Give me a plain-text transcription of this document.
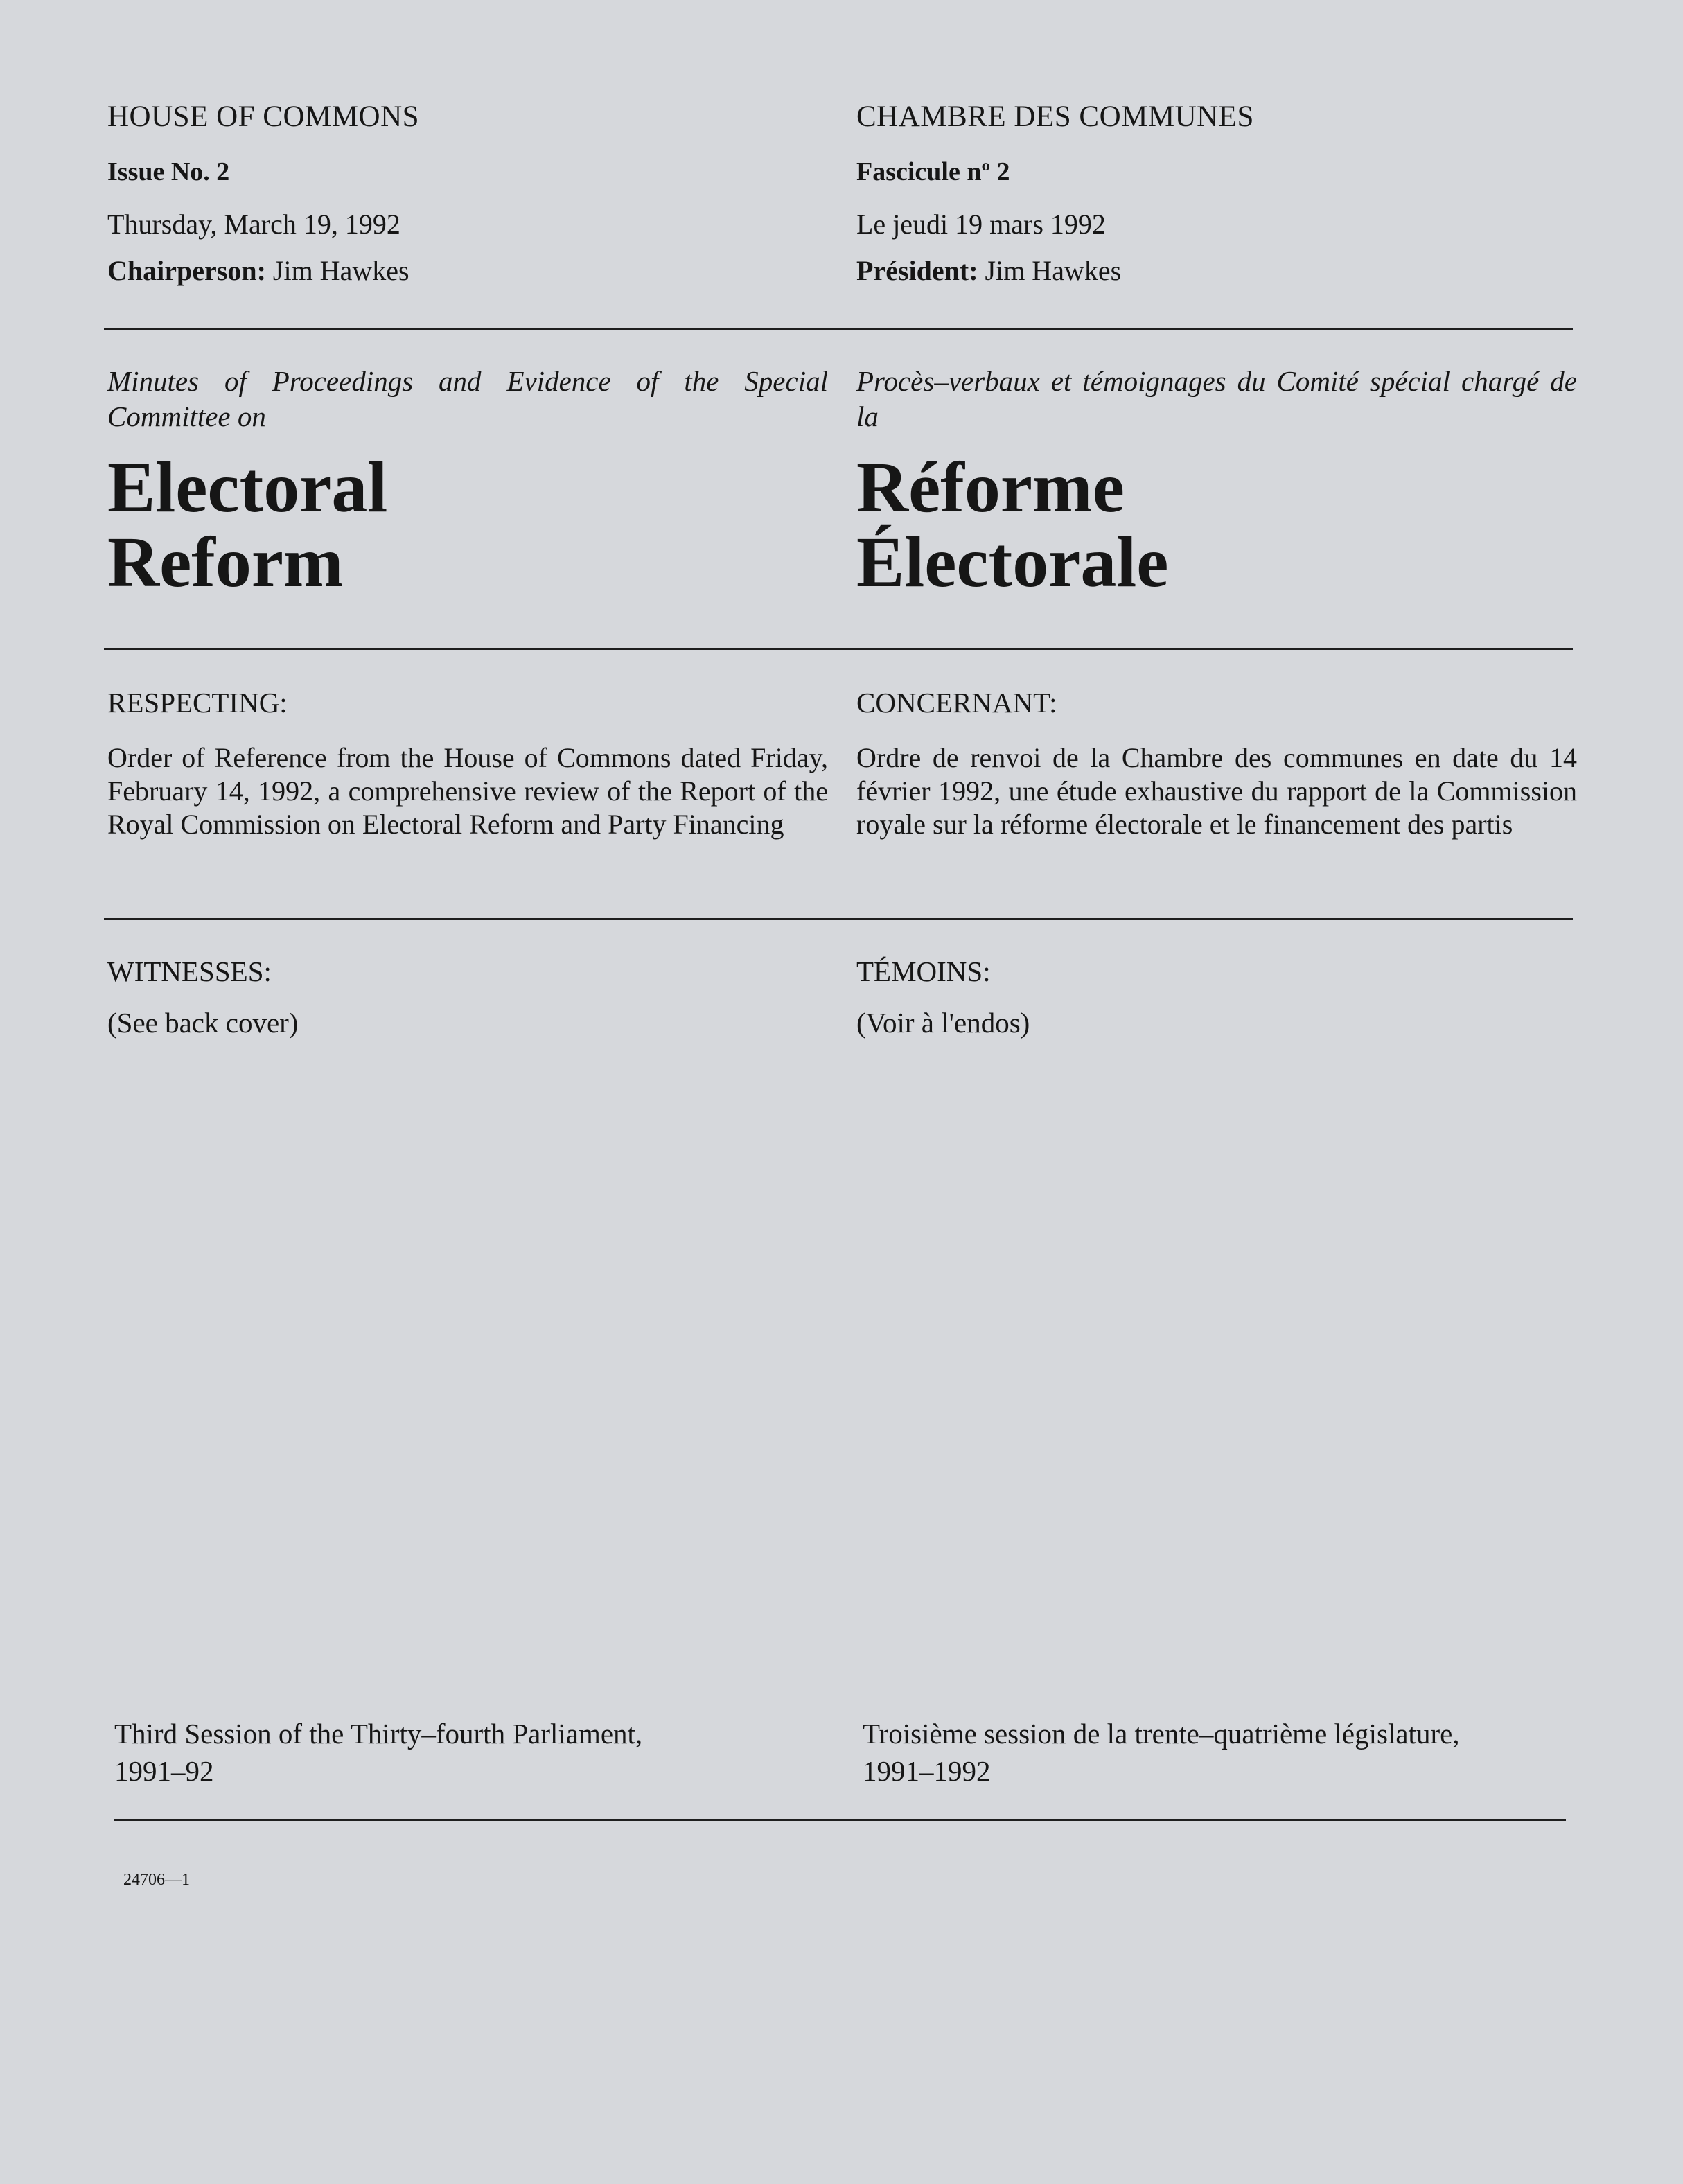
HOUSE OF COMMONS
Issue No. 2
Thursday, March 19, 1992
Chairperson: Jim Hawkes
CHAMBRE DES COMMUNES
Fascicule nº 2
Le jeudi 19 mars 1992
Président: Jim Hawkes
Minutes of Proceedings and Evidence of the Special Committee on
Procès–verbaux et témoignages du Comité spécial chargé de la
Electoral
Reform
Réforme
Électorale
RESPECTING:	CONCERNANT:
Order of Reference from the House of Commons dated Friday, February 14, 1992, a comprehensive review of the Report of the Royal Commission on Electoral Reform and Party Financing
Ordre de renvoi de la Chambre des communes en date du 14 février 1992, une étude exhaustive du rapport de la Commission royale sur la réforme électorale et le financement des partis
WITNESSES:	TÉMOINS:
(See back cover)	(Voir à l'endos)
Third Session of the Thirty–fourth Parliament,
1991–92
Troisième session de la trente–quatrième législature,
1991–1992
24706—1
